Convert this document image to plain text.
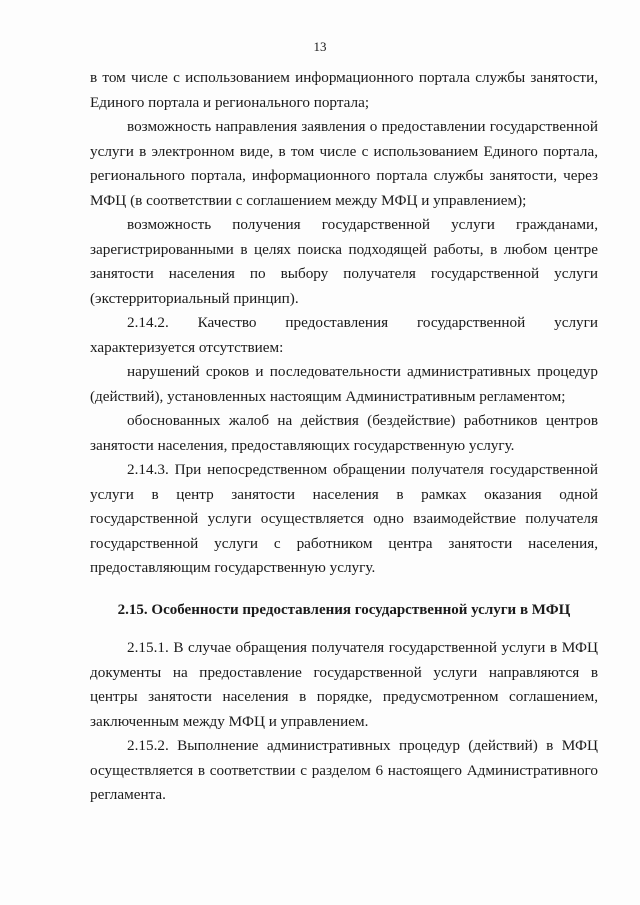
13

в том числе с использованием информационного портала службы занятости, Единого портала и регионального портала;

возможность направления заявления о предоставлении государственной услуги в электронном виде, в том числе с использованием Единого портала, регионального портала, информационного портала службы занятости, через МФЦ (в соответствии с соглашением между МФЦ и управлением);

возможность получения государственной услуги гражданами, зарегистрированными в целях поиска подходящей работы, в любом центре занятости населения по выбору получателя государственной услуги (экстерриториальный принцип).

2.14.2. Качество предоставления государственной услуги характеризуется отсутствием:

нарушений сроков и последовательности административных процедур (действий), установленных настоящим Административным регламентом;

обоснованных жалоб на действия (бездействие) работников центров занятости населения, предоставляющих государственную услугу.

2.14.3. При непосредственном обращении получателя государственной услуги в центр занятости населения в рамках оказания одной государственной услуги осуществляется одно взаимодействие получателя государственной услуги с работником центра занятости населения, предоставляющим государственную услугу.

2.15. Особенности предоставления государственной услуги в МФЦ

2.15.1. В случае обращения получателя государственной услуги в МФЦ документы на предоставление государственной услуги направляются в центры занятости населения в порядке, предусмотренном соглашением, заключенным между МФЦ и управлением.

2.15.2. Выполнение административных процедур (действий) в МФЦ осуществляется в соответствии с разделом 6 настоящего Административного регламента.
